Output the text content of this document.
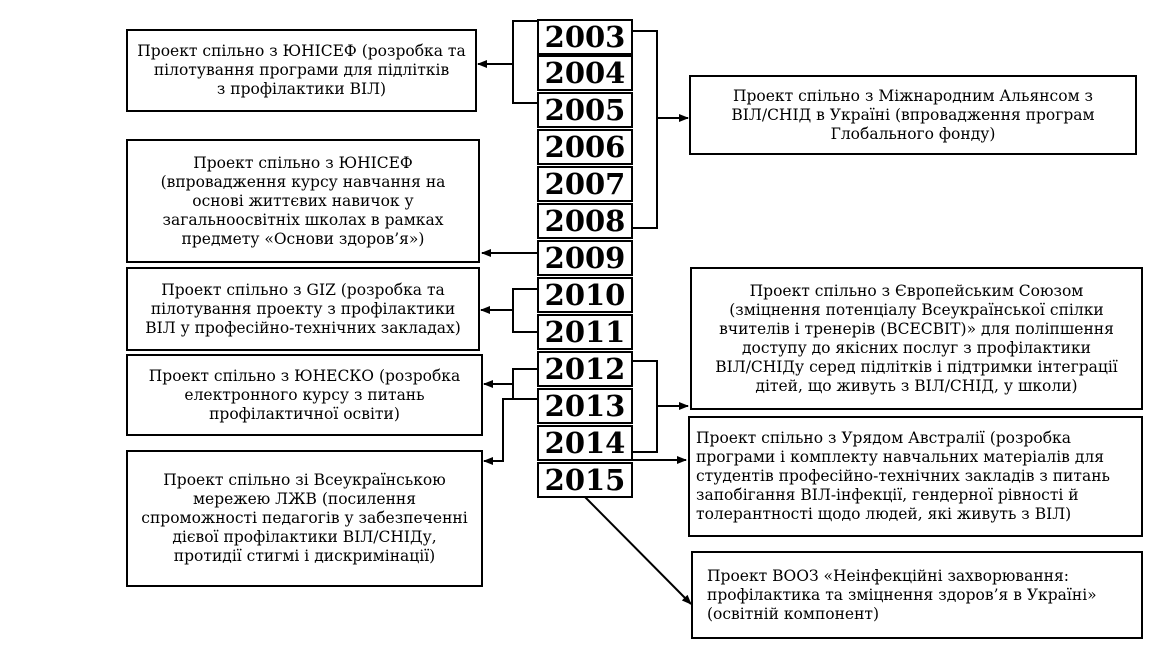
2003
2004
2005
2006
2007
2008
2009
2010
2011
2012
2013
2014
2015
Проект спільно з ЮНІСЕФ (розробка та
пілотування програми для підлітків
з профілактики ВІЛ)
Проект спільно з ЮНІСЕФ
(впровадження курсу навчання на
основі життєвих навичок у
загальноосвітніх школах в рамках
предмету «Основи здоров’я»)
Проект спільно з GIZ (розробка та
пілотування проекту з профілактики
ВІЛ у професійно-технічних закладах)
Проект спільно з ЮНЕСКО (розробка
електронного курсу з питань
профілактичної освіти)
Проект спільно зі Всеукраїнською
мережею ЛЖВ (посилення
спроможності педагогів у забезпеченні
дієвої профілактики ВІЛ/СНІДу,
протидії стигмі і дискримінації)
Проект спільно з Міжнародним Альянсом з
ВІЛ/СНІД в Україні (впровадження програм
Глобального фонду)
Проект спільно з Європейським Союзом
(зміцнення потенціалу Всеукраїнської спілки
вчителів і тренерів (ВСЕСВІТ)» для поліпшення
доступу до якісних послуг з профілактики
ВІЛ/СНІДу серед підлітків і підтримки інтеграції
дітей, що живуть з ВІЛ/СНІД, у школи)
Проект спільно з Урядом Австралії (розробка
програми і комплекту навчальних матеріалів для
студентів професійно-технічних закладів з питань
запобігання ВІЛ-інфекції, гендерної рівності й
толерантності щодо людей, які живуть з ВІЛ)
Проект ВООЗ «Неінфекційні захворювання:
профілактика та зміцнення здоров’я в Україні»
(освітній компонент)
